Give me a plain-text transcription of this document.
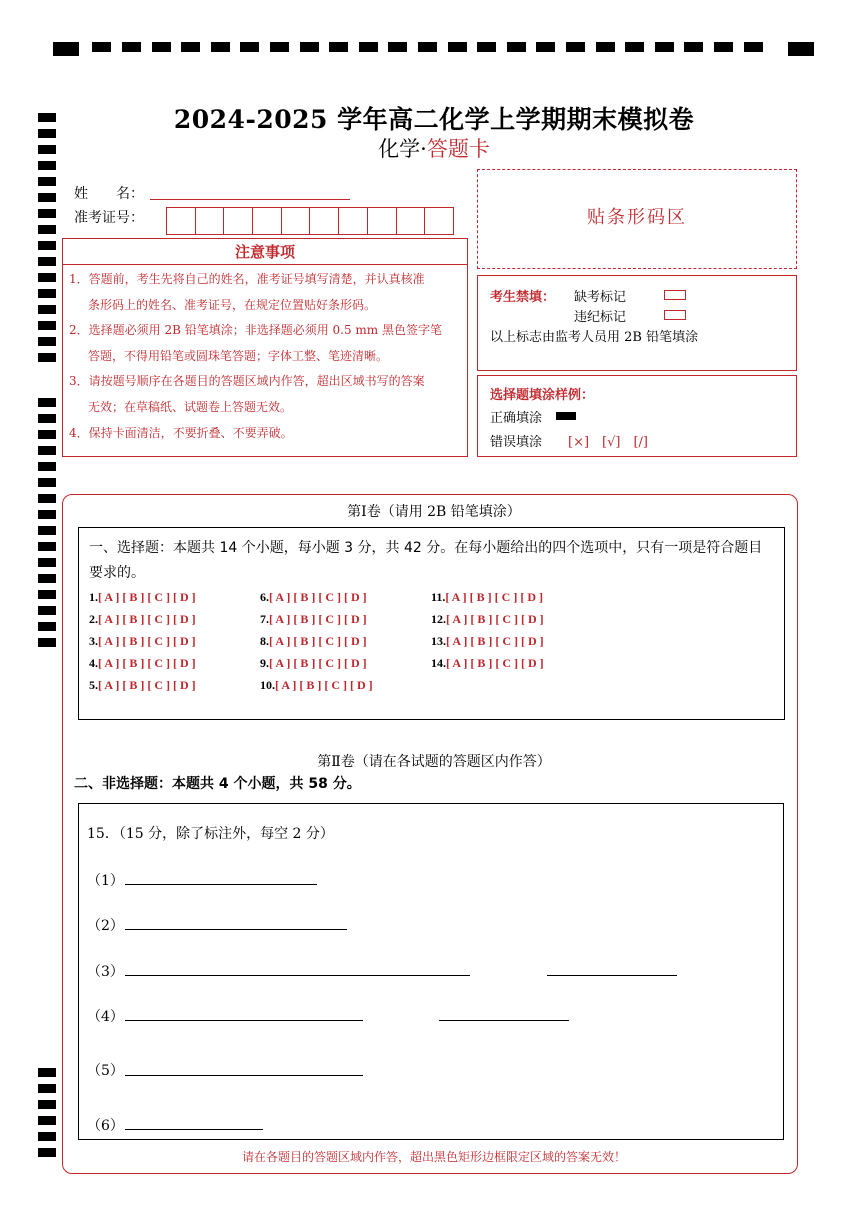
2024-2025 学年高二化学上学期期末模拟卷
化学·答题卡
姓　　名：
准考证号：
注意事项
1．答题前，考生先将自己的姓名，准考证号填写清楚，并认真核准
条形码上的姓名、准考证号，在规定位置贴好条形码。
2．选择题必须用 2B 铅笔填涂；非选择题必须用 0.5 mm 黑色签字笔
答题，不得用铅笔或圆珠笔答题；字体工整、笔迹清晰。
3．请按题号顺序在各题目的答题区域内作答，超出区域书写的答案
无效；在草稿纸、试题卷上答题无效。
4．保持卡面清洁，不要折叠、不要弄破。
贴条形码区
考生禁填： 缺考标记
违纪标记
以上标志由监考人员用 2B 铅笔填涂
选择题填涂样例：
正确填涂
错误填涂 [×]　[√]　[/]
第Ⅰ卷（请用 2B 铅笔填涂）
一、选择题：本题共 14 个小题，每小题 3 分，共 42 分。在每小题给出的四个选项中，只有一项是符合题目要求的。
1.[ A ] [ B ] [ C ] [ D ]
2.[ A ] [ B ] [ C ] [ D ]
3.[ A ] [ B ] [ C ] [ D ]
4.[ A ] [ B ] [ C ] [ D ]
5.[ A ] [ B ] [ C ] [ D ]
6.[ A ] [ B ] [ C ] [ D ]
7.[ A ] [ B ] [ C ] [ D ]
8.[ A ] [ B ] [ C ] [ D ]
9.[ A ] [ B ] [ C ] [ D ]
10.[ A ] [ B ] [ C ] [ D ]
11.[ A ] [ B ] [ C ] [ D ]
12.[ A ] [ B ] [ C ] [ D ]
13.[ A ] [ B ] [ C ] [ D ]
14.[ A ] [ B ] [ C ] [ D ]
第Ⅱ卷（请在各试题的答题区内作答）
二、非选择题：本题共 4 个小题，共 58 分。
15．（15 分，除了标注外，每空 2 分）
（1）
（2）
（3）
（4）
（5）
（6）
请在各题目的答题区域内作答，超出黑色矩形边框限定区域的答案无效！
